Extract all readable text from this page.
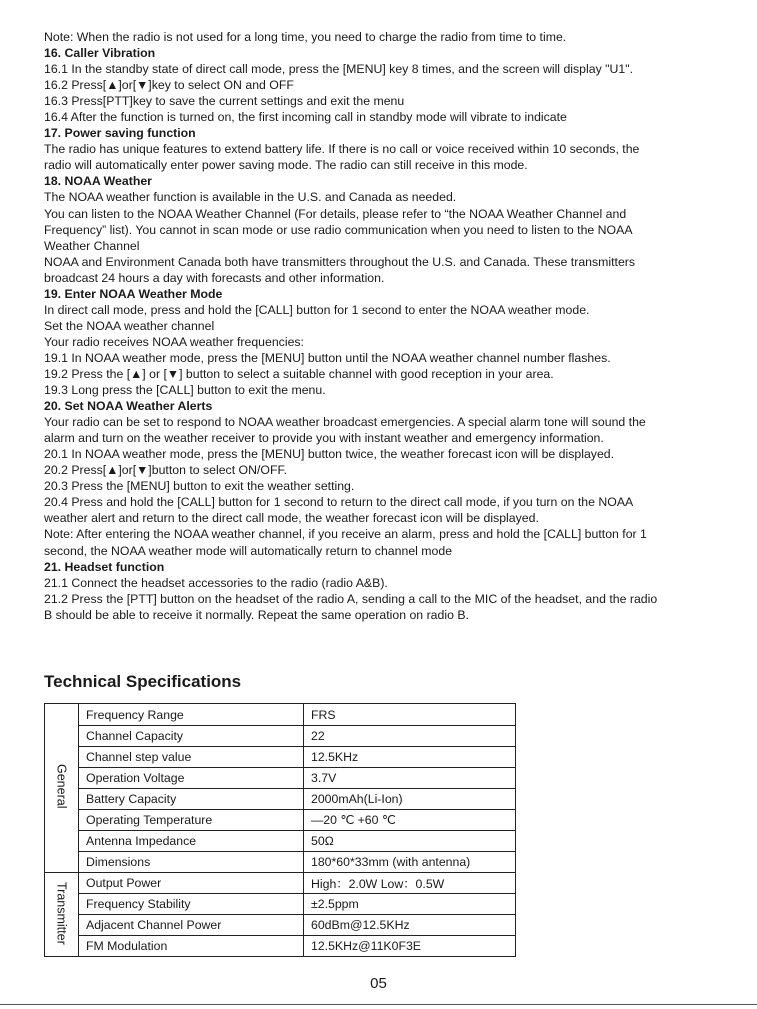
Note: When the radio is not used for a long time, you need to charge the radio from time to time.

16. Caller Vibration

16.1 In the standby state of direct call mode, press the [MENU] key 8 times, and the screen will display "U1".

16.2 Press[▲]or[▼]key to select ON and OFF

16.3 Press[PTT]key to save the current settings and exit the menu

16.4 After the function is turned on, the first incoming call in standby mode will vibrate to indicate

17. Power saving function

The radio has unique features to extend battery life. If there is no call or voice received within 10 seconds, the

radio will automatically enter power saving mode. The radio can still receive in this mode.

18. NOAA Weather

The NOAA weather function is available in the U.S. and Canada as needed.

You can listen to the NOAA Weather Channel (For details, please refer to “the NOAA Weather Channel and

Frequency” list). You cannot in scan mode or use radio communication when you need to listen to the NOAA

Weather Channel

NOAA and Environment Canada both have transmitters throughout the U.S. and Canada. These transmitters

broadcast 24 hours a day with forecasts and other information.

19. Enter NOAA Weather Mode

In direct call mode, press and hold the [CALL] button for 1 second to enter the NOAA weather mode.

Set the NOAA weather channel

Your radio receives NOAA weather frequencies:

19.1 In NOAA weather mode, press the [MENU] button until the NOAA weather channel number flashes.

19.2 Press the [▲] or [▼] button to select a suitable channel with good reception in your area.

19.3 Long press the [CALL] button to exit the menu.

20. Set NOAA Weather Alerts

Your radio can be set to respond to NOAA weather broadcast emergencies. A special alarm tone will sound the

alarm and turn on the weather receiver to provide you with instant weather and emergency information.

20.1 In NOAA weather mode, press the [MENU] button twice, the weather forecast icon will be displayed.

20.2 Press[▲]or[▼]button to select ON/OFF.

20.3 Press the [MENU] button to exit the weather setting.

20.4 Press and hold the [CALL] button for 1 second to return to the direct call mode, if you turn on the NOAA

weather alert and return to the direct call mode, the weather forecast icon will be displayed.

Note: After entering the NOAA weather channel, if you receive an alarm, press and hold the [CALL] button for 1

second, the NOAA weather mode will automatically return to channel mode

21. Headset function

21.1 Connect the headset accessories to the radio (radio A&B).

21.2 Press the [PTT] button on the headset of the radio A, sending a call to the MIC of the headset, and the radio

B should be able to receive it normally. Repeat the same operation on radio B.

Technical Specifications
General	Frequency Range	FRS
	Channel Capacity	22
	Channel step value	12.5KHz
	Operation Voltage	3.7V
	Battery Capacity	2000mAh(Li-Ion)
	Operating Temperature	—20 ℃ +60 ℃
	Antenna Impedance	50Ω
	Dimensions	180*60*33mm (with antenna)
Transmitter	Output Power	High：2.0W Low：0.5W
	Frequency Stability	±2.5ppm
	Adjacent Channel Power	60dBm@12.5KHz
	FM Modulation	12.5KHz@11K0F3E

05
